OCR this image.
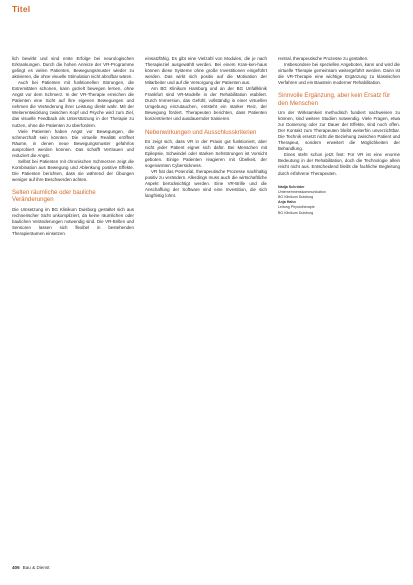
Titel

lich bewirkt und sind erste Erfolge bei neurologischen Erkrankungen. Durch die hohen Anreize der VR-Programme gelingt es vielen Patienten, Bewegungsmuster wieder zu aktivieren, die ohne visuelle Stimulation nicht abrufbar wären.

Auch bei Patienten mit funktionellen Störungen, die Extremitäten schonen, kann gezielt bewegen lernen, ohne Angst vor dem Schmerz. In der VR-Therapie erreichen die Patienten eine Sicht auf ihre eigenen Bewegungen und nehmen die Veränderung ihrer Leistung direkt wahr. Mit der Weiterentwicklung zwischen Kopf und Psyche wird zum Ziel, das visuelle Feedback als Unterstützung in der Therapie zu nutzen, ohne die Patienten zu überfordern.

Viele Patienten haben Angst vor Bewegungen, die schmerzhaft sein könnten. Die virtuelle Realität eröffnet Räume, in denen neue Bewegungsmuster gefahrlos ausprobiert werden können. Das schafft Vertrauen und reduziert die Angst.

Selbst bei Patienten mit chronischen Schmerzen zeigt die Kombination aus Bewegung und Ablenkung positive Effekte. Die Patienten berichten, dass sie während der Übungen weniger auf ihre Beschwerden achten.

Selten räumliche oder bauliche Veränderungen

Die Umsetzung im BG Klinikum Duisburg gestaltet sich aus rechnerischer Sicht unkompliziert, da keine räumlichen oder baulichen Veränderungen notwendig sind. Die VR-Brillen und Sensoren lassen sich flexibel in bestehenden Therapieräumen einsetzen.

einsatzfähig. Es gibt eine Vielzahl von Modulen, die je nach Therapieziel ausgewählt werden. Bei einem Kran-ken-haus können diese Systeme ohne große Investitionen eingeführt werden. Das wirkt sich positiv auf die Motivation der Mitarbeiter und auf die Versorgung der Patienten aus.

Am BG Klinikum Hamburg und an der BG Unfallklinik Frankfurt sind VR-Modelle in der Rehabilitation etabliert. Durch Immersion, das Gefühl, vollständig in einer virtuellen Umgebung einzutauchen, entsteht ein starker Reiz, der Bewegung fördert. Therapeuten berichten, dass Patienten konzentrierter und ausdauernder trainieren.

Nebenwirkungen und Ausschlusskriterien

Es zeigt sich, dass VR in der Praxis gut funktioniert, aber nicht jeder Patient eignet sich dafür. Bei Menschen mit Epilepsie, Schwindel oder starken Sehstörungen ist Vorsicht geboten. Einige Patienten reagieren mit Übelkeit, der sogenannten Cybersickness.

VR hat das Potenzial, therapeutische Prozesse nachhaltig positiv zu verändern. Allerdings muss auch die wirtschaftliche Aspekt berücksichtigt werden. Eine VR-Brille und die Anschaffung der Software sind eine Investition, die sich langfristig lohnt.

rentral, therapeutische Prozesse zu gestalten.

Insbesondere bei speziellen Angeboten, kann und wird die virtuelle Therapie gemeinsam weitergeführt werden. Dann ist die VR-Therapie eine wichtige Ergänzung zu klassischen Verfahren und ein Baustein moderner Rehabilitation.

Sinnvolle Ergänzung, aber kein Ersatz für den Menschen

Um der Wirksamkeit methodisch fundiert nachweisen zu können, sind weitere Studien notwendig. Viele Fragen, etwa zur Dosierung oder zur Dauer der Effekte, sind noch offen. Der Kontakt zum Therapeuten bleibt weiterhin unverzichtbar. Die Technik ersetzt nicht die Beziehung zwischen Patient und Therapeut, sondern erweitert die Möglichkeiten der Behandlung.

Eines steht schon jetzt fest: Für VR ist eine enorme Bedeutung in der Rehabilitation, doch die Technologie allein reicht nicht aus. Entscheidend bleibt die fachliche Begleitung durch erfahrene Therapeuten.

Nadja Schröder
Unternehmenskommunikation
BG Klinikum Duisburg
Anja Hahn
Leitung Physiotherapie
BG Klinikum Duisburg
406 Bau & Dienst
